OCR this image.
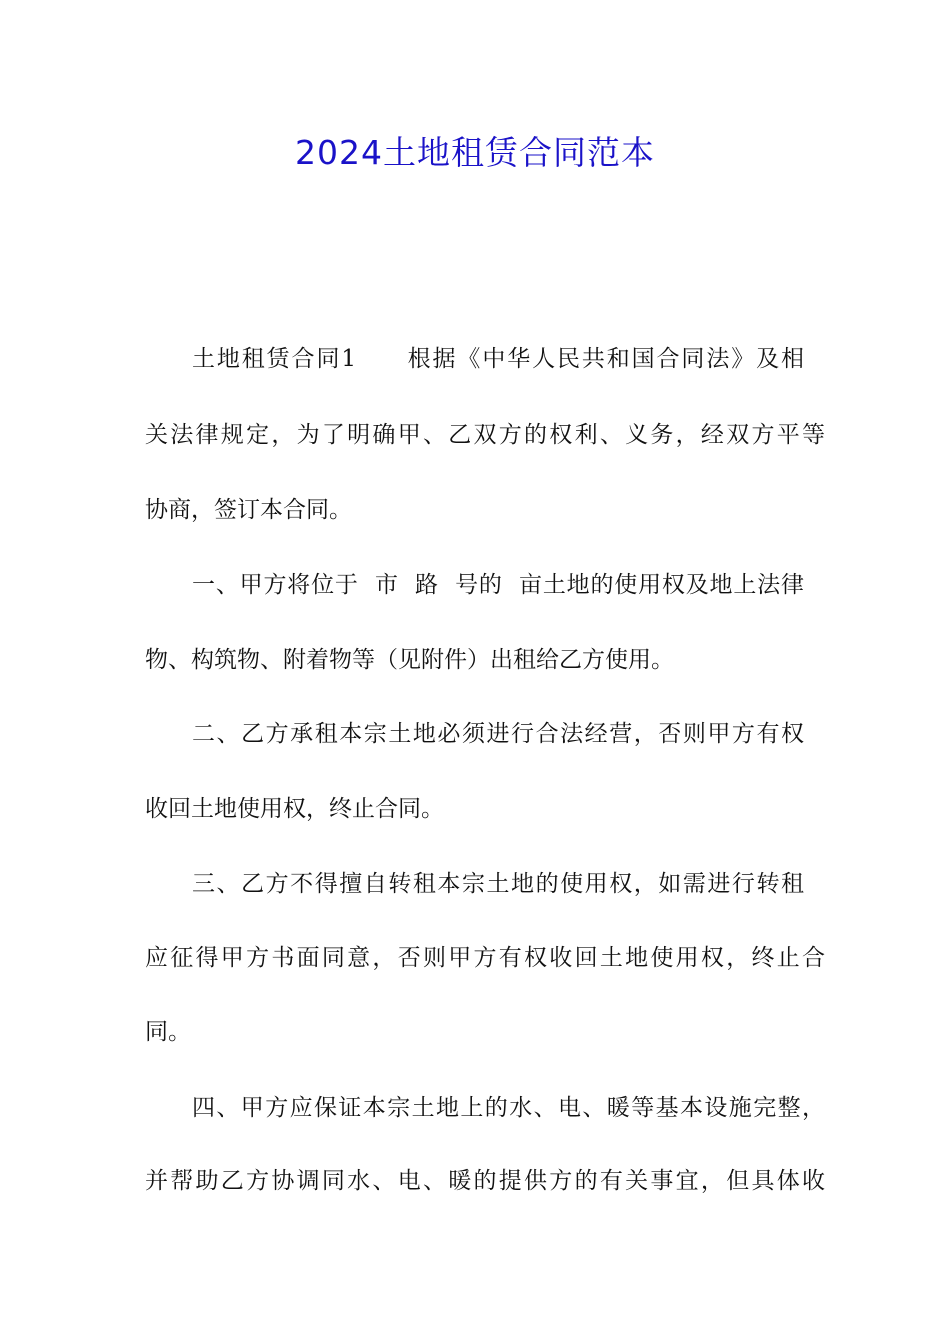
2024土地租赁合同范本
土地租赁合同1　　根据《中华人民共和国合同法》及相
关法律规定，为了明确甲、乙双方的权利、义务，经双方平等
协商，签订本合同。
一、甲方将位于  市  路  号的  亩土地的使用权及地上法律
物、构筑物、附着物等（见附件）出租给乙方使用。
二、乙方承租本宗土地必须进行合法经营，否则甲方有权
收回土地使用权，终止合同。
三、乙方不得擅自转租本宗土地的使用权，如需进行转租
应征得甲方书面同意，否则甲方有权收回土地使用权，终止合
同。
四、甲方应保证本宗土地上的水、电、暖等基本设施完整，
并帮助乙方协调同水、电、暖的提供方的有关事宜，但具体收
